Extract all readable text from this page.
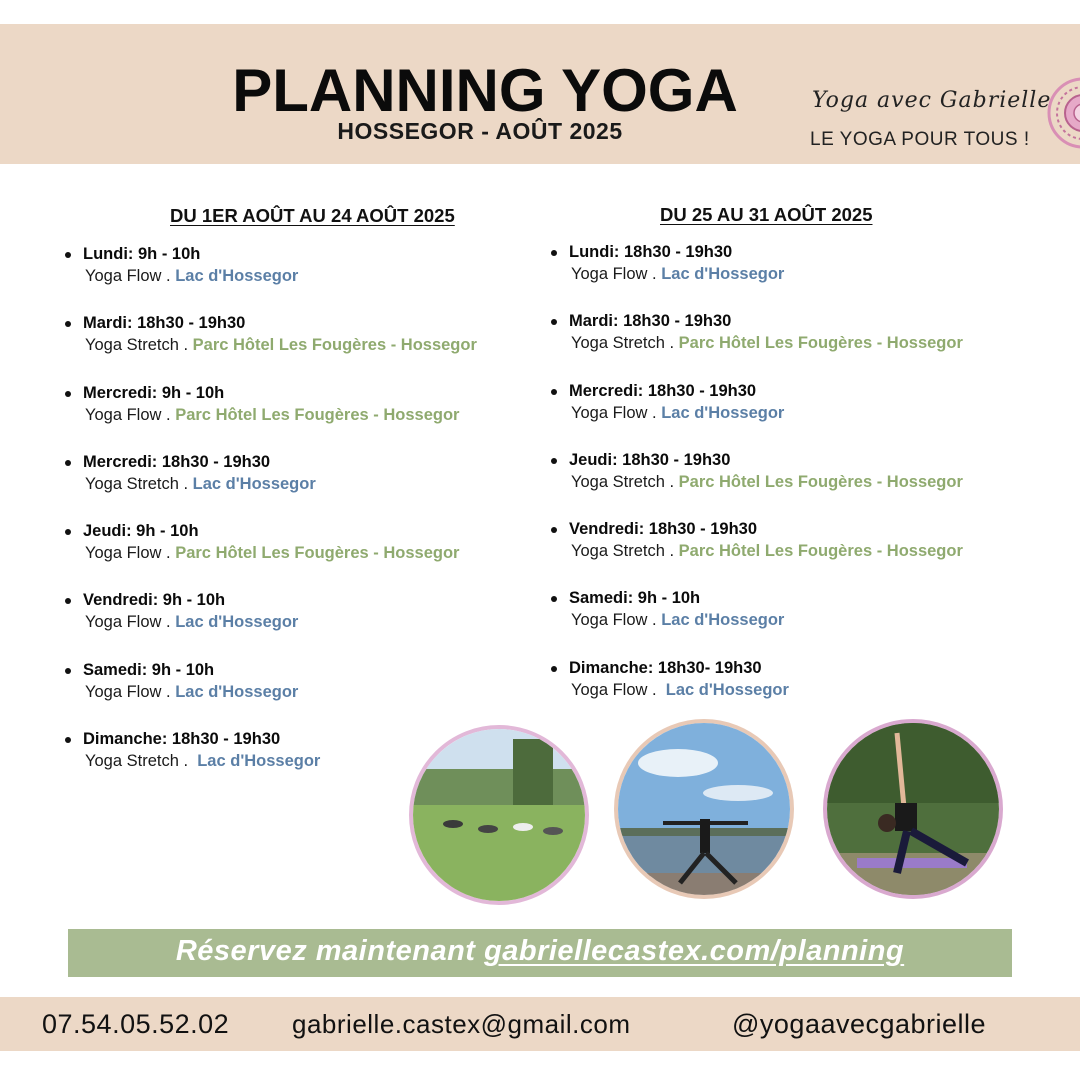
PLANNING YOGA
HOSSEGOR - AOÛT 2025
Yoga avec Gabrielle
LE YOGA POUR TOUS !
DU 1ER AOÛT AU 24 AOÛT 2025
Lundi: 9h - 10h
Yoga Flow . Lac d'Hossegor
Mardi: 18h30 - 19h30
Yoga Stretch . Parc Hôtel Les Fougères - Hossegor
Mercredi: 9h - 10h
Yoga Flow . Parc Hôtel Les Fougères - Hossegor
Mercredi: 18h30 - 19h30
Yoga Stretch . Lac d'Hossegor
Jeudi: 9h - 10h
Yoga Flow . Parc Hôtel Les Fougères - Hossegor
Vendredi: 9h - 10h
Yoga Flow . Lac d'Hossegor
Samedi: 9h - 10h
Yoga Flow . Lac d'Hossegor
Dimanche: 18h30 - 19h30
Yoga Stretch .  Lac d'Hossegor
DU 25 AU 31 AOÛT 2025
Lundi: 18h30 - 19h30
Yoga Flow . Lac d'Hossegor
Mardi: 18h30 - 19h30
Yoga Stretch . Parc Hôtel Les Fougères - Hossegor
Mercredi: 18h30 - 19h30
Yoga Flow . Lac d'Hossegor
Jeudi: 18h30 - 19h30
Yoga Stretch . Parc Hôtel Les Fougères - Hossegor
Vendredi: 18h30 - 19h30
Yoga Stretch . Parc Hôtel Les Fougères - Hossegor
Samedi: 9h - 10h
Yoga Flow . Lac d'Hossegor
Dimanche: 18h30- 19h30
Yoga Flow .  Lac d'Hossegor
Réservez maintenant gabriellecastex.com/planning
07.54.05.52.02 gabrielle.castex@gmail.com	@yogaavecgabrielle
